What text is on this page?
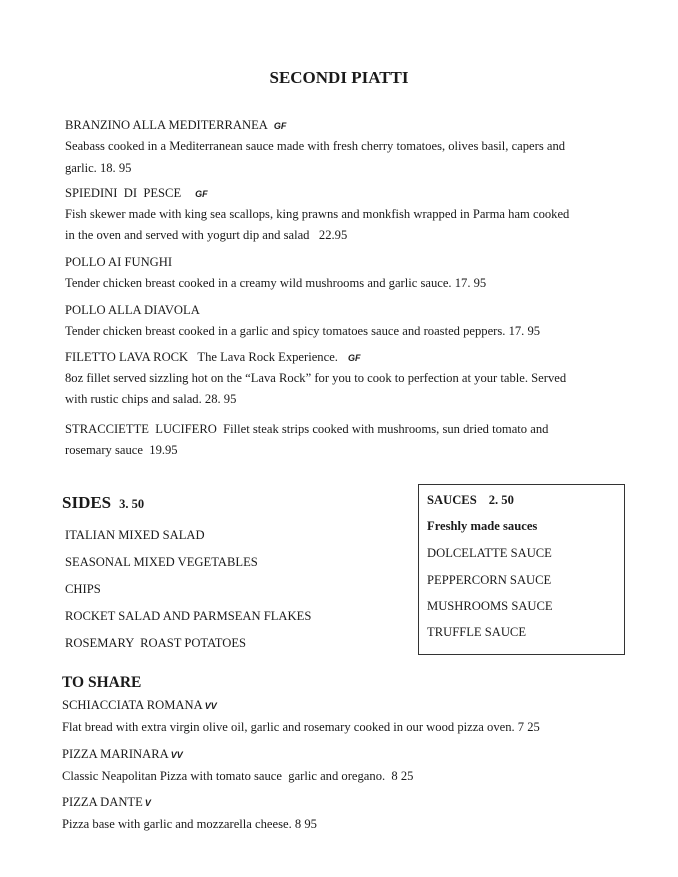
SECONDI PIATTI
BRANZINO ALLA MEDITERRANEA GF
Seabass cooked in a Mediterranean sauce made with fresh cherry tomatoes, olives basil, capers and
garlic. 18. 95
SPIEDINI  DI  PESCE GF
Fish skewer made with king sea scallops, king prawns and monkfish wrapped in Parma ham cooked
in the oven and served with yogurt dip and salad   22.95
POLLO AI FUNGHI
Tender chicken breast cooked in a creamy wild mushrooms and garlic sauce. 17. 95
POLLO ALLA DIAVOLA
Tender chicken breast cooked in a garlic and spicy tomatoes sauce and roasted peppers. 17. 95
FILETTO LAVA ROCK   The Lava Rock Experience. GF
8oz fillet served sizzling hot on the “Lava Rock” for you to cook to perfection at your table. Served
with rustic chips and salad. 28. 95
STRACCIETTE  LUCIFERO  Fillet steak strips cooked with mushrooms, sun dried tomato and
rosemary sauce  19.95
SIDES 3. 50
ITALIAN MIXED SALAD
SEASONAL MIXED VEGETABLES
CHIPS
ROCKET SALAD AND PARMSEAN FLAKES
ROSEMARY  ROAST POTATOES
SAUCES 2. 50
Freshly made sauces
DOLCELATTE SAUCE
PEPPERCORN SAUCE
MUSHROOMS SAUCE
TRUFFLE SAUCE
TO SHARE
SCHIACCIATA ROMANA VV
Flat bread with extra virgin olive oil, garlic and rosemary cooked in our wood pizza oven. 7 25
PIZZA MARINARA VV
Classic Neapolitan Pizza with tomato sauce  garlic and oregano.  8 25
PIZZA DANTE V
Pizza base with garlic and mozzarella cheese. 8 95
